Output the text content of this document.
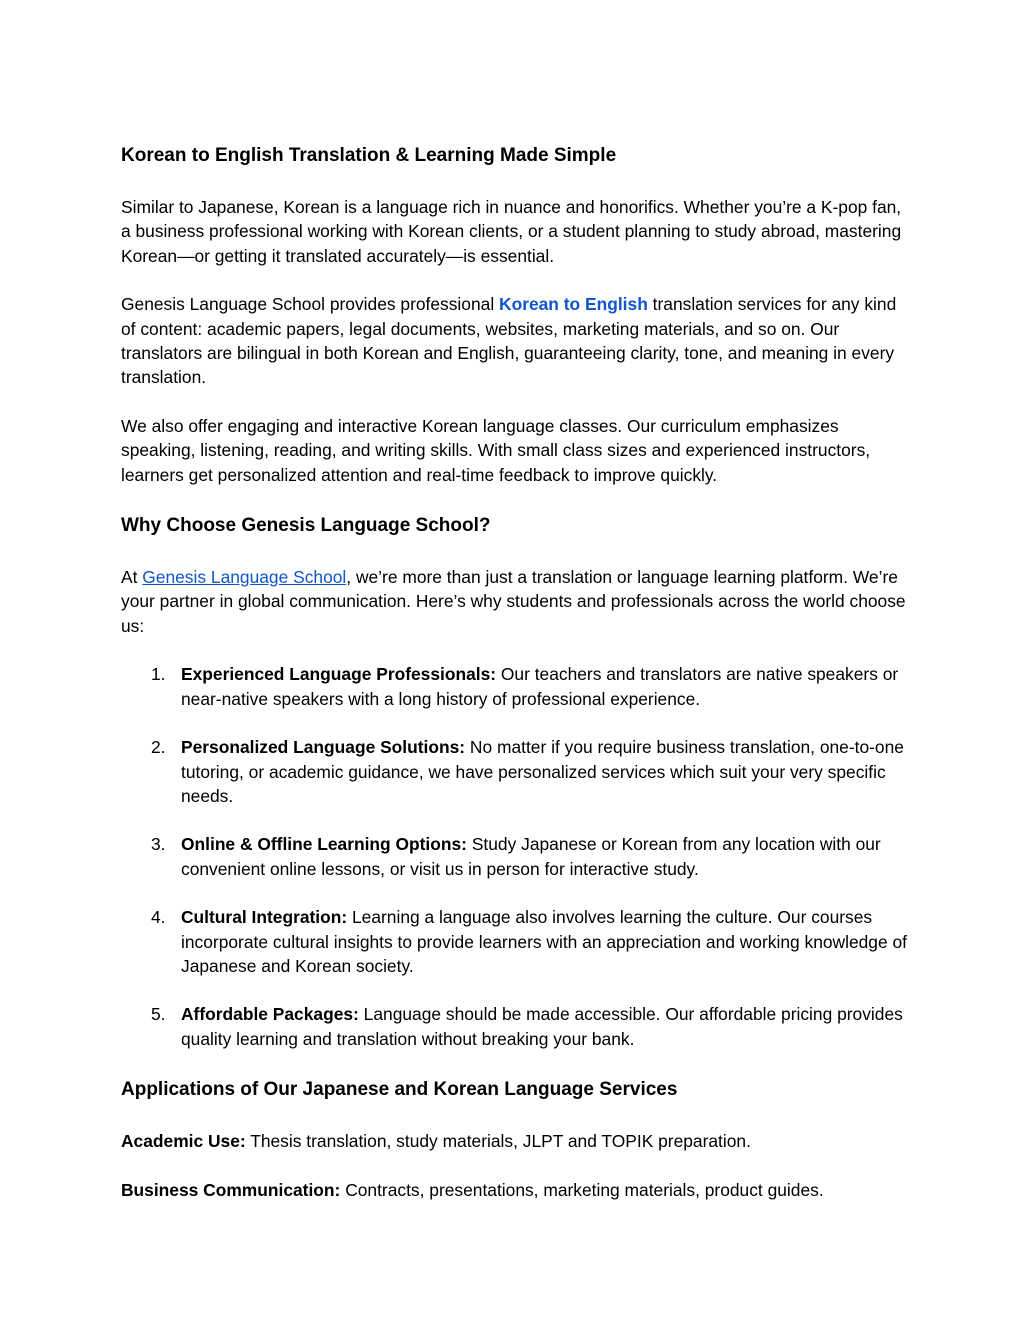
Korean to English Translation & Learning Made Simple

Similar to Japanese, Korean is a language rich in nuance and honorifics. Whether you’re a K-pop fan, a business professional working with Korean clients, or a student planning to study abroad, mastering Korean—or getting it translated accurately—is essential.

Genesis Language School provides professional Korean to English translation services for any kind of content: academic papers, legal documents, websites, marketing materials, and so on. Our translators are bilingual in both Korean and English, guaranteeing clarity, tone, and meaning in every translation.

We also offer engaging and interactive Korean language classes. Our curriculum emphasizes speaking, listening, reading, and writing skills. With small class sizes and experienced instructors, learners get personalized attention and real-time feedback to improve quickly.

Why Choose Genesis Language School?

At Genesis Language School, we’re more than just a translation or language learning platform. We’re your partner in global communication. Here’s why students and professionals across the world choose us:

1. Experienced Language Professionals: Our teachers and translators are native speakers or near-native speakers with a long history of professional experience.
2. Personalized Language Solutions: No matter if you require business translation, one-to-one tutoring, or academic guidance, we have personalized services which suit your very specific needs.
3. Online & Offline Learning Options: Study Japanese or Korean from any location with our convenient online lessons, or visit us in person for interactive study.
4. Cultural Integration: Learning a language also involves learning the culture. Our courses incorporate cultural insights to provide learners with an appreciation and working knowledge of Japanese and Korean society.
5. Affordable Packages: Language should be made accessible. Our affordable pricing provides quality learning and translation without breaking your bank.
Applications of Our Japanese and Korean Language Services

Academic Use: Thesis translation, study materials, JLPT and TOPIK preparation.

Business Communication: Contracts, presentations, marketing materials, product guides.
